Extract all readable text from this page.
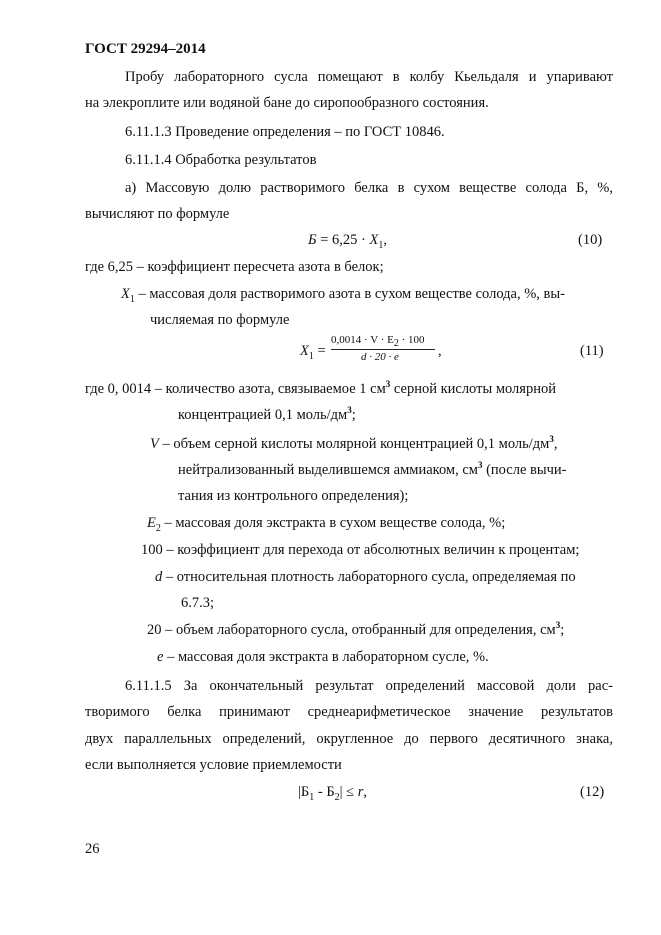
ГОСТ 29294–2014
Пробу лабораторного сусла помещают в колбу Кьельдаля и упаривают
на элекроплите или водяной бане до сиропообразного состояния.
6.11.1.3 Проведение определения – по ГОСТ 10846.
6.11.1.4 Обработка результатов
а) Массовую долю растворимого белка в сухом веществе солода Б, %,
вычисляют по формуле
$Б = 6,25 \cdot X_1$,	(10)
где 6,25 – коэффициент пересчета азота в белок;
$X_1$ – массовая доля растворимого азота в сухом веществе солода, %, вы-
числяемая по формуле
$X_1$ =
$0,0014 \cdot V \cdot E_2 \cdot 100$
d · 20 · e	,	(11)
где 0, 0014 – количество азота, связываемое 1 $см^3$ серной кислоты молярной
концентрацией 0,1 моль/$дм^3$;
V – объем серной кислоты молярной концентрацией 0,1 моль/$дм^3$,
нейтрализованный выделившемся аммиаком, $см^3$ (после вычи-
тания из контрольного определения);
$E_2$ – массовая доля экстракта в сухом веществе солода, %;
100 – коэффициент для перехода от абсолютных величин к процентам;
d – относительная плотность лабораторного сусла, определяемая по
6.7.3;
20 – объем лабораторного сусла, отобранный для определения, $см^3$;
e – массовая доля экстракта в лабораторном сусле, %.
6.11.1.5 За окончательный результат определений массовой доли рас-
творимого белка принимают среднеарифметическое значение результатов
двух параллельных определений, округленное до первого десятичного знака,
если выполняется условие приемлемости
$|Б_1 - Б_2| \le r$,	(12)
26
